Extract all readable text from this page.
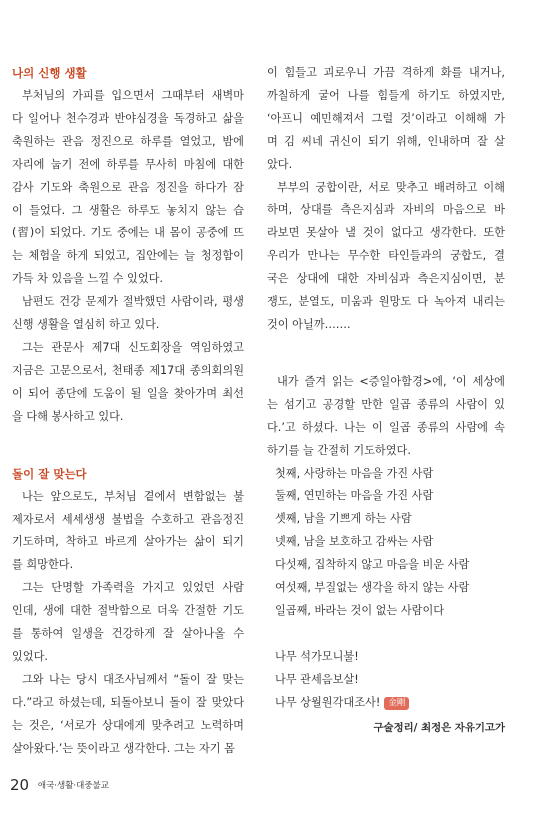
나의 신행 생활
부처님의 가피를 입으면서 그때부터 새벽마
다 일어나 천수경과 반야심경을 독경하고 삶을
축원하는 관음 정진으로 하루를 열었고, 밤에
자리에 눕기 전에 하루를 무사히 마침에 대한
감사 기도와 축원으로 관음 정진을 하다가 잠
이 들었다. 그 생활은 하루도 놓치지 않는 습
(習)이 되었다. 기도 중에는 내 몸이 공중에 뜨
는 체험을 하게 되었고, 집안에는 늘 청정함이
가득 차 있음을 느낄 수 있었다.
남편도 건강 문제가 절박했던 사람이라, 평생
신행 생활을 열심히 하고 있다.
그는 관문사 제7대 신도회장을 역임하였고
지금은 고문으로서, 천태종 제17대 종의회의원
이 되어 종단에 도움이 될 일을 찾아가며 최선
을 다해 봉사하고 있다.
돌이 잘 맞는다
나는 앞으로도, 부처님 곁에서 변함없는 불
제자로서 세세생생 불법을 수호하고 관음정진
기도하며, 착하고 바르게 살아가는 삶이 되기
를 희망한다.
그는 단명할 가족력을 가지고 있었던 사람
인데, 생에 대한 절박함으로 더욱 간절한 기도
를 통하여 일생을 건강하게 잘 살아나올 수
있었다.
그와 나는 당시 대조사님께서 “돌이 잘 맞는
다.”라고 하셨는데, 되돌아보니 돌이 잘 맞았다
는 것은, ‘서로가 상대에게 맞추려고 노력하며
살아왔다.’는 뜻이라고 생각한다. 그는 자기 몸
이 힘들고 괴로우니 가끔 격하게 화를 내거나,
까칠하게 굴어 나를 힘들게 하기도 하였지만,
‘아프니 예민해져서 그럴 것’이라고 이해해 가
며 김 씨네 귀신이 되기 위해, 인내하며 잘 살
았다.
부부의 궁합이란, 서로 맞추고 배려하고 이해
하며, 상대를 측은지심과 자비의 마음으로 바
라보면 못살아 낼 것이 없다고 생각한다. 또한
우리가 만나는 무수한 타인들과의 궁합도, 결
국은 상대에 대한 자비심과 측은지심이면, 분
쟁도, 분열도, 미움과 원망도 다 녹아져 내리는
것이 아닐까…….
내가 즐겨 읽는 <증일아함경>에, ‘이 세상에
는 섬기고 공경할 만한 일곱 종류의 사람이 있
다.’고 하셨다. 나는 이 일곱 종류의 사람에 속
하기를 늘 간절히 기도하였다.
첫째, 사랑하는 마음을 가진 사람
둘째, 연민하는 마음을 가진 사람
셋째, 남을 기쁘게 하는 사람
넷째, 남을 보호하고 감싸는 사람
다섯째, 집착하지 않고 마음을 비운 사람
여섯째, 부질없는 생각을 하지 않는 사람
일곱째, 바라는 것이 없는 사람이다
나무 석가모니불!
나무 관세음보살!
나무 상월원각대조사! 金剛
구술정리/ 최정은 자유기고가
20 애국·생활·대중불교
